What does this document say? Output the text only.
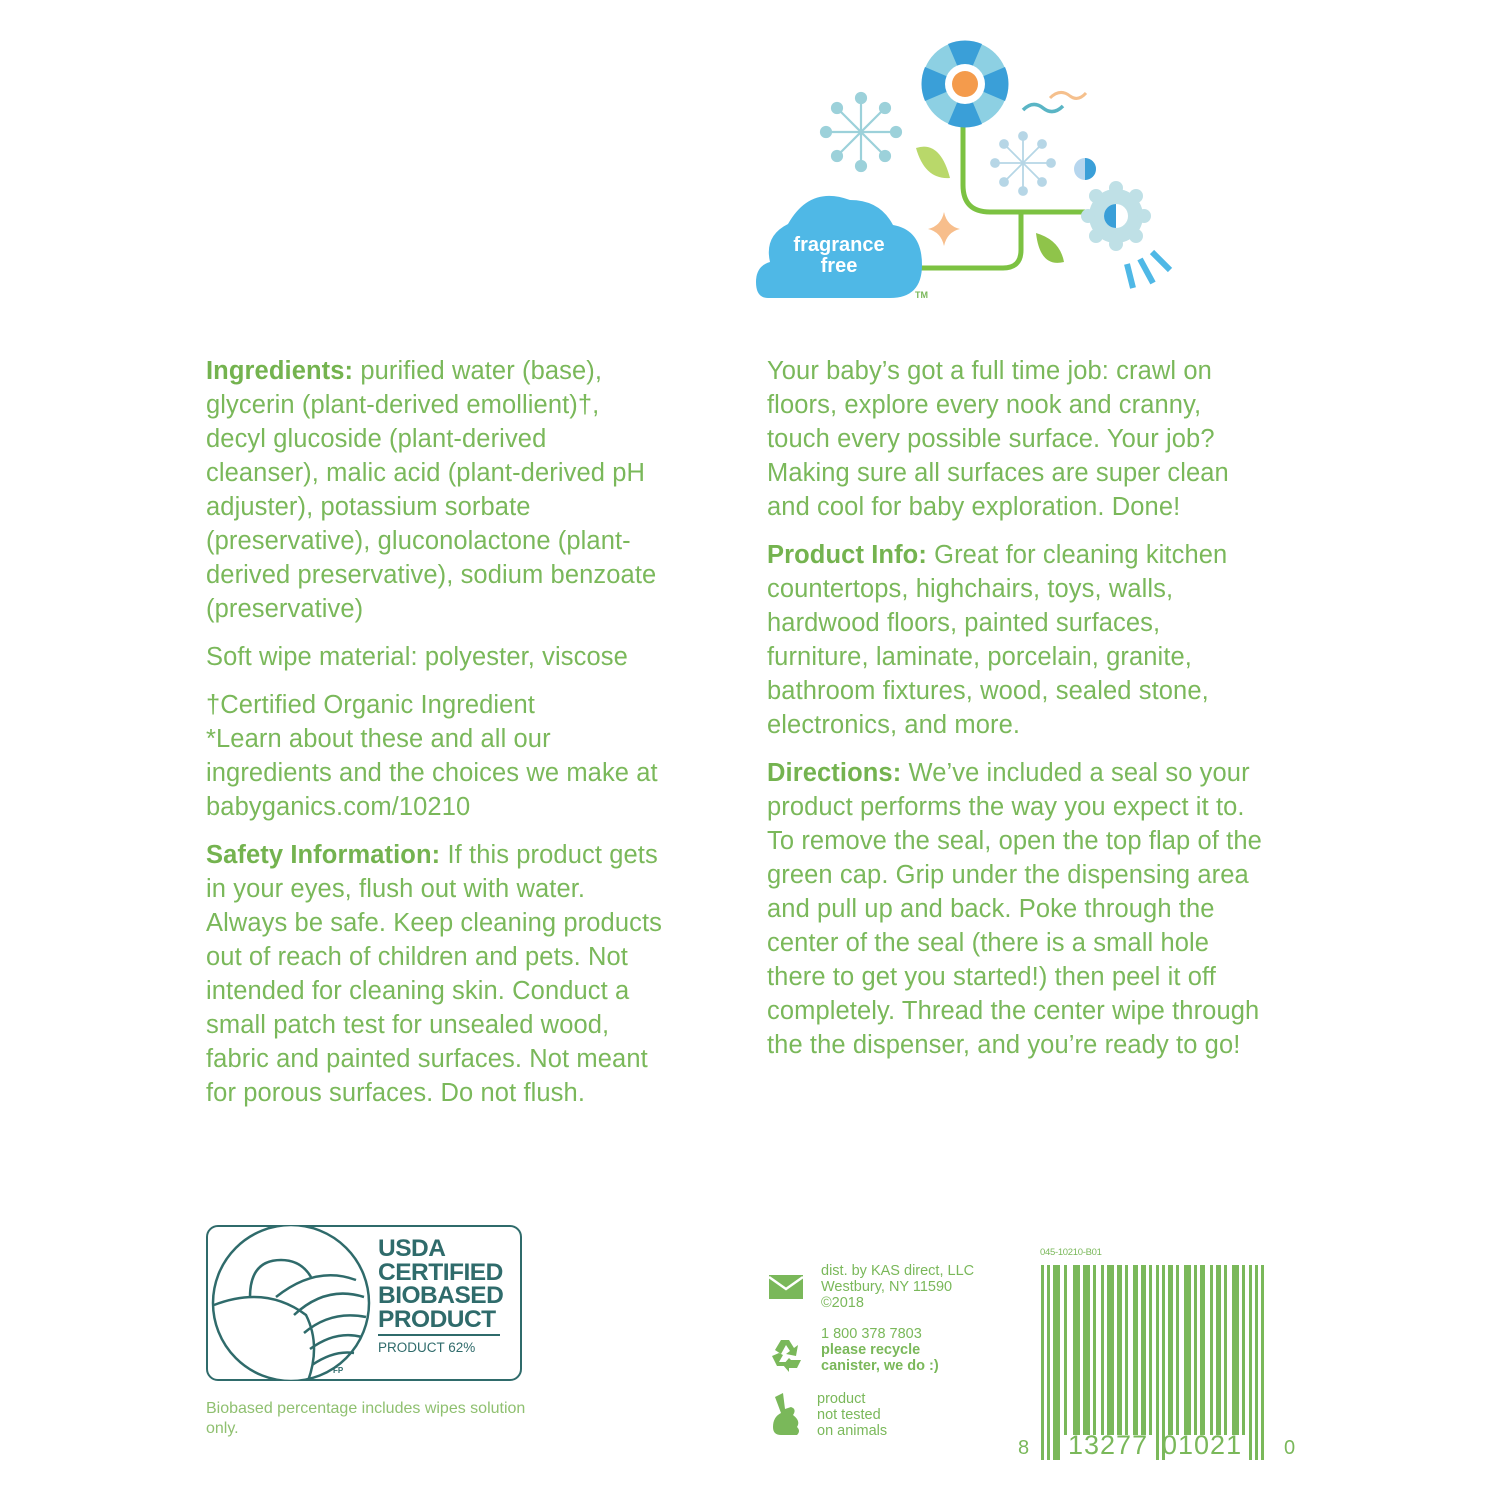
fragrance
free
TM

Ingredients: purified water (base), glycerin (plant-derived emollient)†, decyl glucoside (plant-derived cleanser), malic acid (plant-derived pH adjuster), potassium sorbate (preservative), gluconolactone (plant-derived preservative), sodium benzoate (preservative)

Soft wipe material: polyester, viscose

†Certified Organic Ingredient

*Learn about these and all our ingredients and the choices we make at babyganics.com/10210

Safety Information: If this product gets in your eyes, flush out with water. Always be safe. Keep cleaning products out of reach of children and pets. Not intended for cleaning skin. Conduct a small patch test for unsealed wood, fabric and painted surfaces. Not meant for porous surfaces. Do not flush.

Your baby’s got a full time job: crawl on floors, explore every nook and cranny, touch every possible surface. Your job? Making sure all surfaces are super clean and cool for baby exploration. Done!

Product Info: Great for cleaning kitchen countertops, highchairs, toys, walls, hardwood floors, painted surfaces, furniture, laminate, porcelain, granite, bathroom fixtures, wood, sealed stone, electronics, and more.

Directions: We’ve included a seal so your product performs the way you expect it to. To remove the seal, open the top flap of the green cap. Grip under the dispensing area and pull up and back. Poke through the center of the seal (there is a small hole there to get you started!) then peel it off completely. Thread the center wipe through the the dispenser, and you’re ready to go!

USDA
CERTIFIED
BIOBASED
PRODUCT
PRODUCT 62%
FP
Biobased percentage includes wipes solution only.
dist. by KAS direct, LLC
Westbury, NY 11590
©2018
1 800 378 7803
please recycle
canister, we do :)
product
not tested
on animals
045-10210-B01
8 13277 01021 0
